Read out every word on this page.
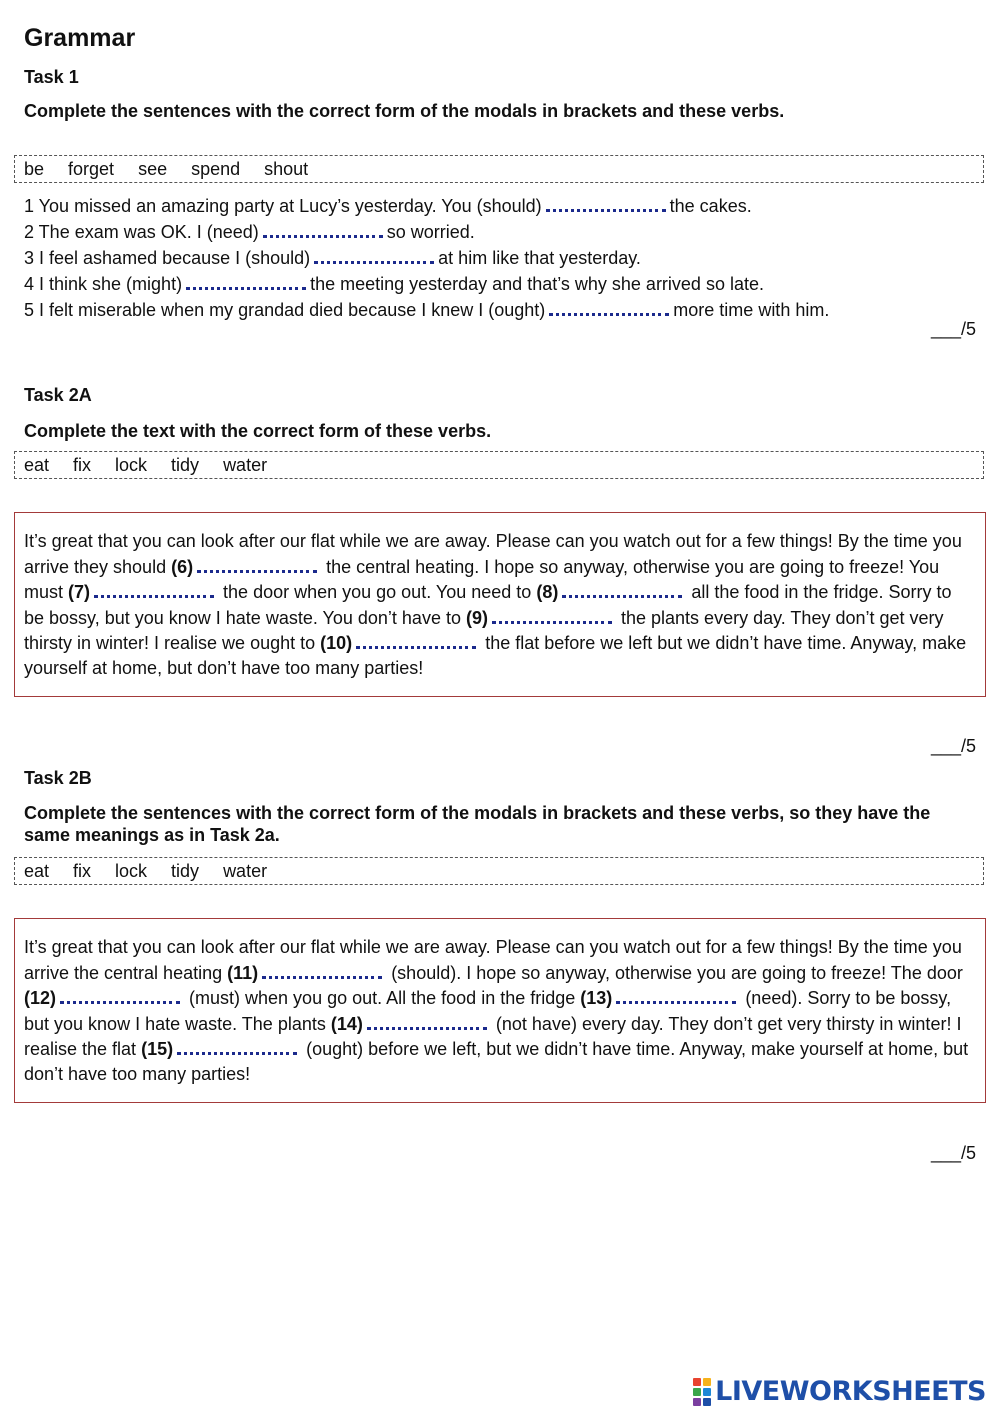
Grammar
Task 1
Complete the sentences with the correct form of the modals in brackets and these verbs.
be forget see spend shout
1 You missed an amazing party at Lucy’s yesterday. You (should)	the cakes.
2 The exam was OK. I (need)	so worried.
3 I feel ashamed because I (should)	at him like that yesterday.
4 I think she (might)	the meeting yesterday and that’s why she arrived so late.
5 I felt miserable when my grandad died because I knew I (ought)	more time with him.
___/5
Task 2A
Complete the text with the correct form of these verbs.
eat fix lock tidy water
It’s great that you can look after our flat while we are away. Please can you watch out for a few things! By the time you arrive they should (6)	the central heating. I hope so anyway, otherwise you are going to freeze! You must (7)	the door when you go out. You need to (8)	all the food in the fridge. Sorry to be bossy, but you know I hate waste. You don’t have to (9)	the plants every day. They don’t get very thirsty in winter! I realise we ought to (10)	the flat before we left but we didn’t have time. Anyway, make yourself at home, but don’t have too many parties!
___/5
Task 2B
Complete the sentences with the correct form of the modals in brackets and these verbs, so they have the same meanings as in Task 2a.
eat fix lock tidy water
It’s great that you can look after our flat while we are away. Please can you watch out for a few things! By the time you arrive the central heating (11)	(should). I hope so anyway, otherwise you are going to freeze! The door (12)	(must) when you go out. All the food in the fridge (13)	(need). Sorry to be bossy, but you know I hate waste. The plants (14)	(not have) every day. They don’t get very thirsty in winter! I realise the flat (15)	(ought) before we left, but we didn’t have time. Anyway, make yourself at home, but don’t have too many parties!
___/5
LIVEWORKSHEETS
